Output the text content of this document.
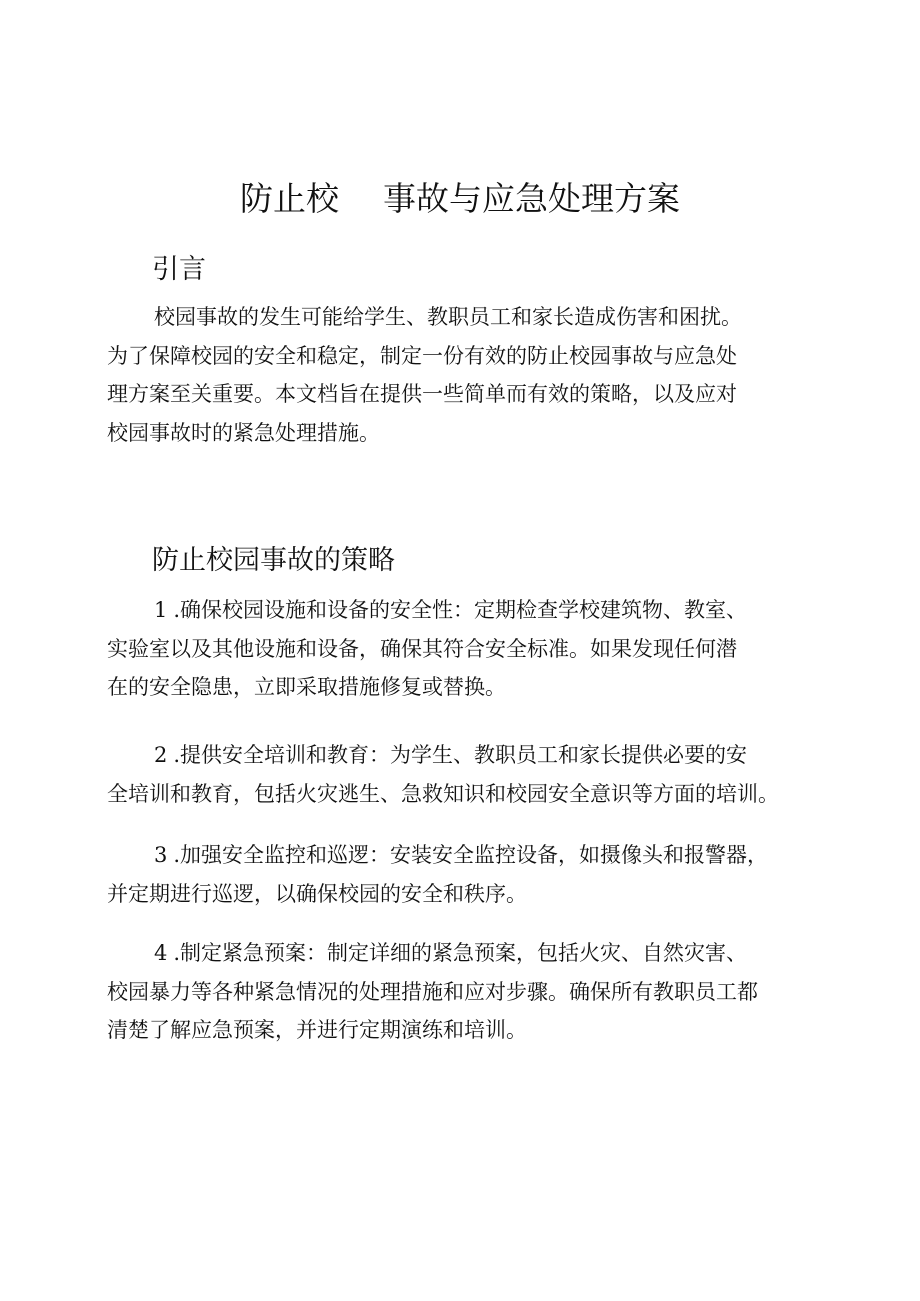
防止校 事故与应急处理方案
引言
校园事故的发生可能给学生、教职员工和家长造成伤害和困扰。
为了保障校园的安全和稳定，制定一份有效的防止校园事故与应急处
理方案至关重要。本文档旨在提供一些简单而有效的策略，以及应对
校园事故时的紧急处理措施。
防止校园事故的策略
1 .确保校园设施和设备的安全性：定期检查学校建筑物、教室、
实验室以及其他设施和设备，确保其符合安全标准。如果发现任何潜
在的安全隐患，立即采取措施修复或替换。
2 .提供安全培训和教育：为学生、教职员工和家长提供必要的安
全培训和教育，包括火灾逃生、急救知识和校园安全意识等方面的培训。
3 .加强安全监控和巡逻：安装安全监控设备，如摄像头和报警器，
并定期进行巡逻，以确保校园的安全和秩序。
4 .制定紧急预案：制定详细的紧急预案，包括火灾、自然灾害、
校园暴力等各种紧急情况的处理措施和应对步骤。确保所有教职员工都
清楚了解应急预案，并进行定期演练和培训。
